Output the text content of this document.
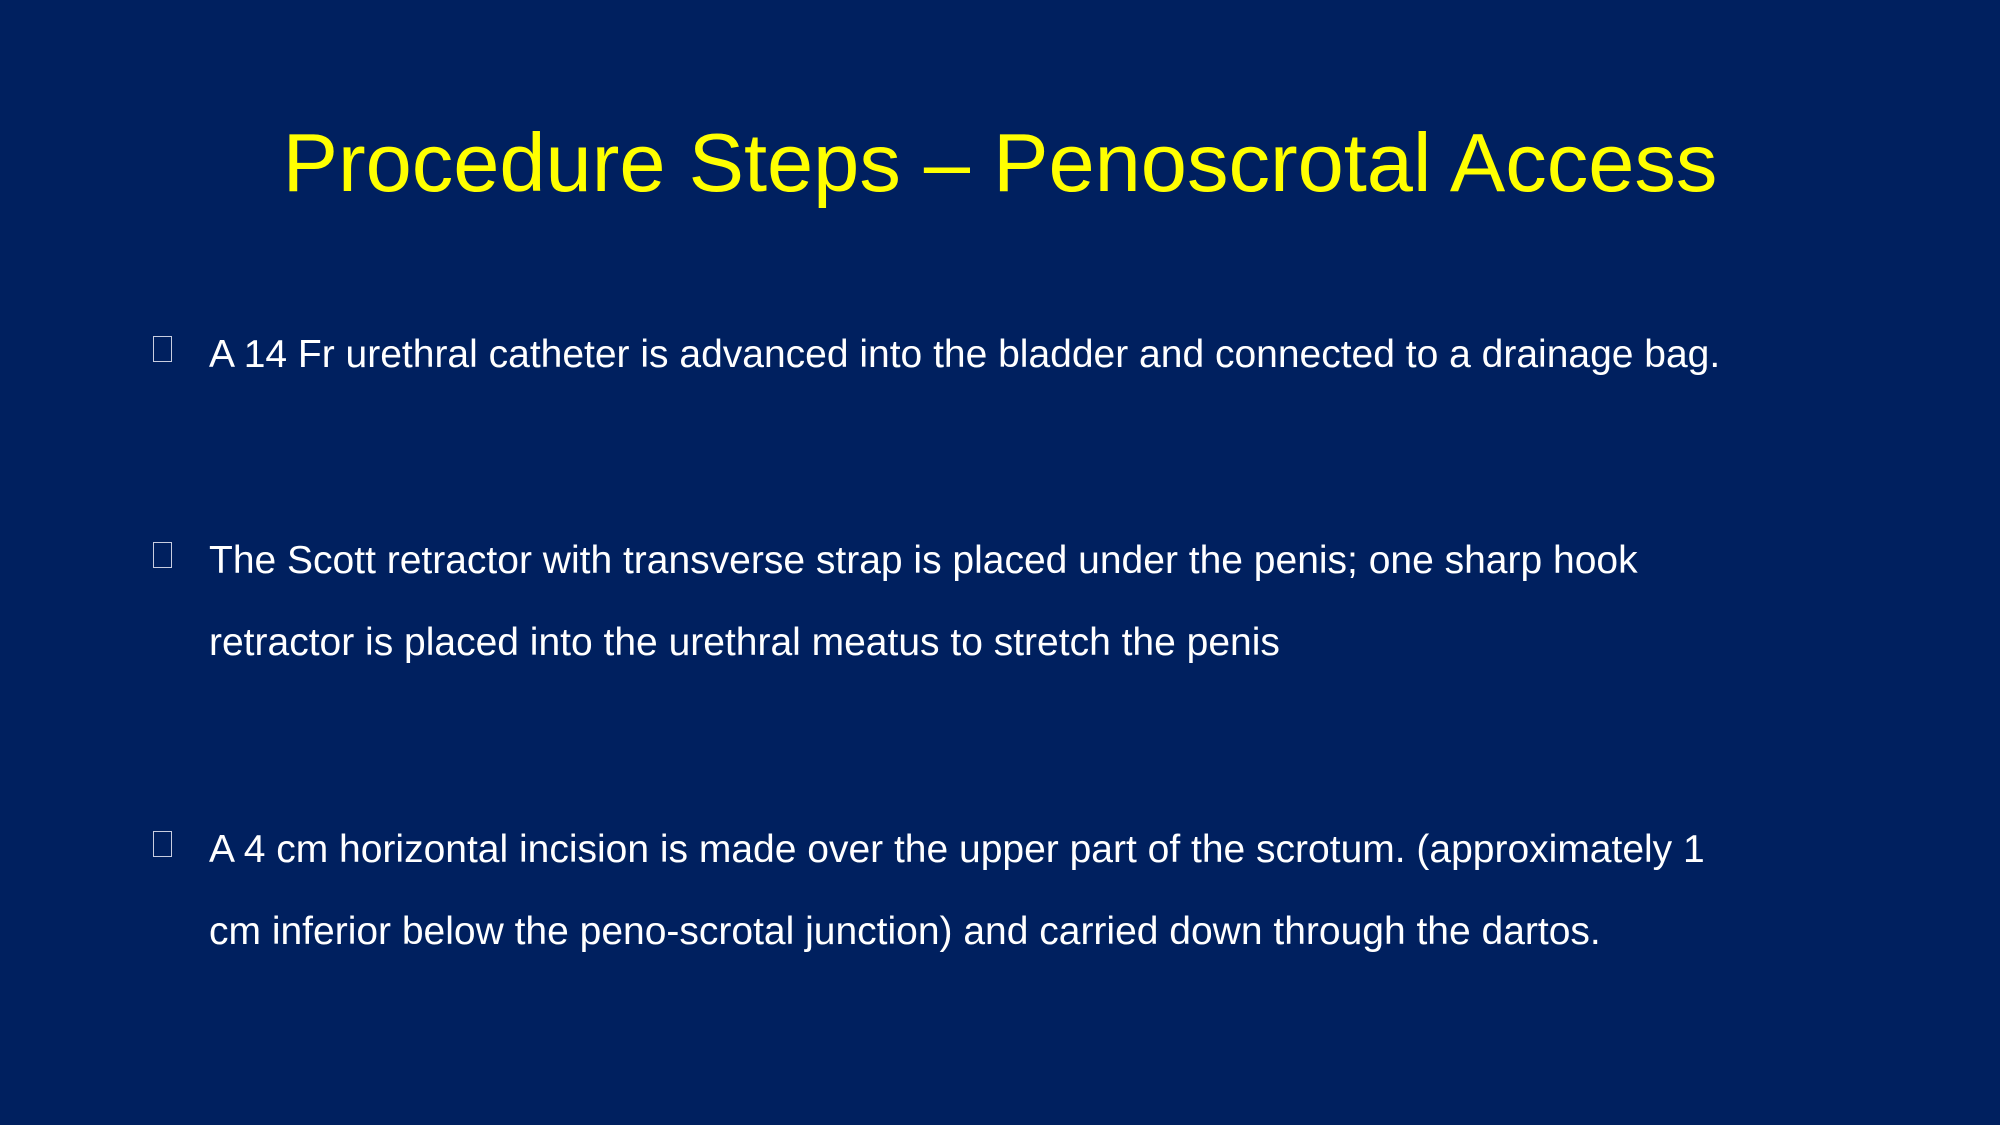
Procedure Steps – Penoscrotal Access
A 14 Fr urethral catheter is advanced into the bladder and connected to a drainage bag.
The Scott retractor with transverse strap is placed under the penis; one sharp hook
retractor is placed into the urethral meatus to stretch the penis
A 4 cm horizontal incision is made over the upper part of the scrotum. (approximately 1
cm inferior below the peno-scrotal junction) and carried down through the dartos.
